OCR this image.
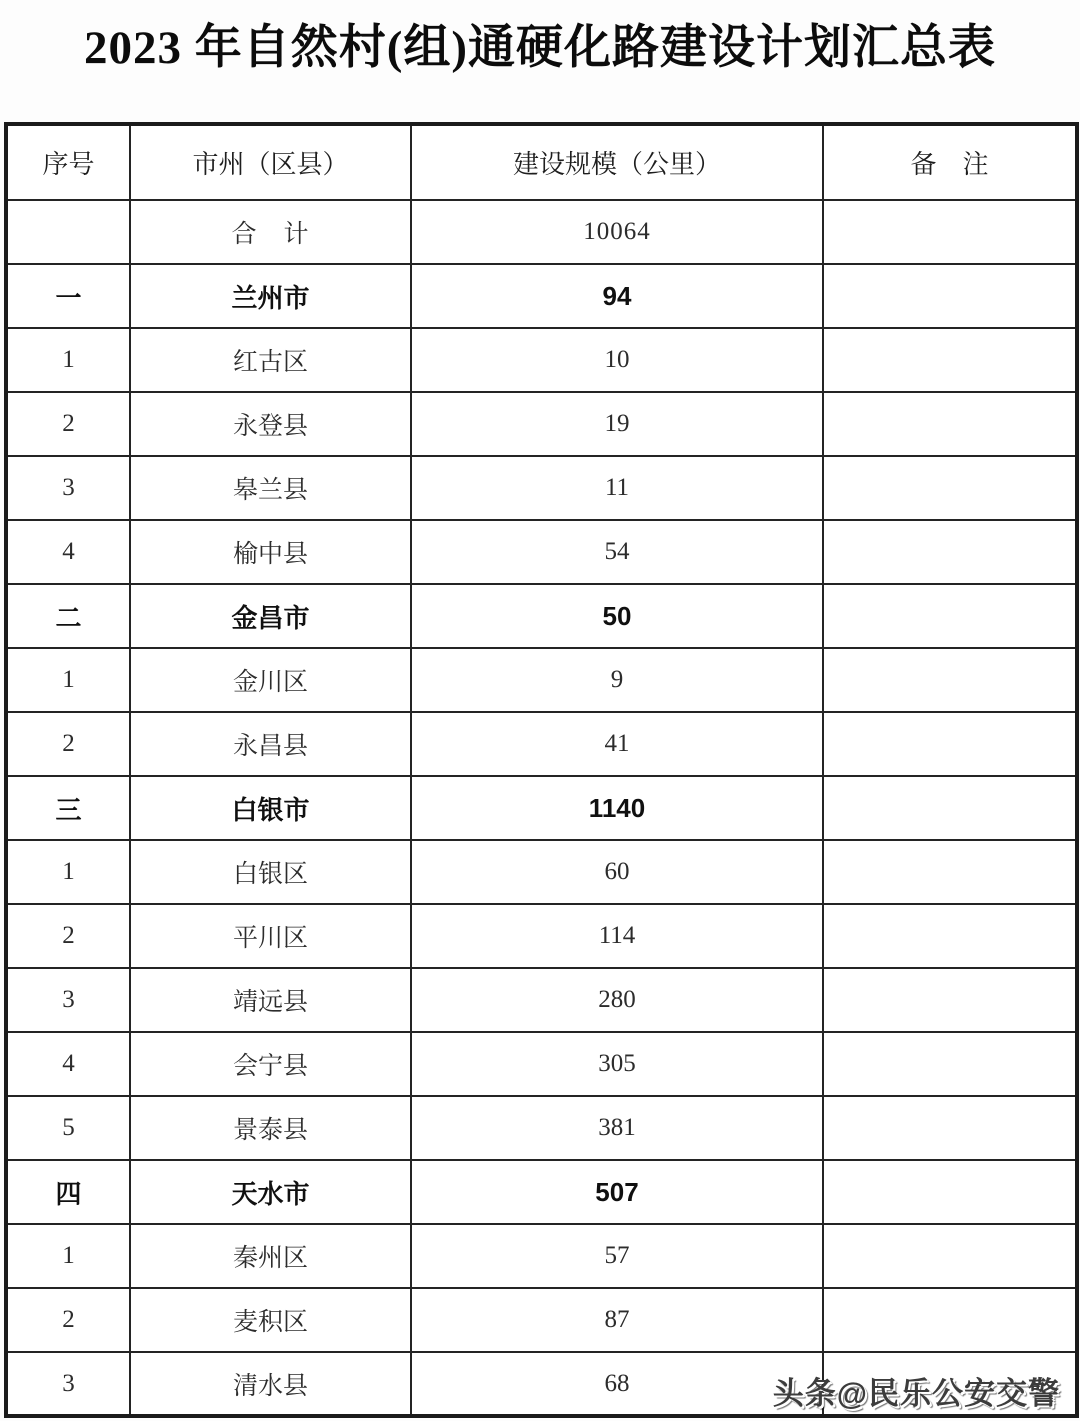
2023 年自然村(组)通硬化路建设计划汇总表
序号	市州（区县）	建设规模（公里）	备　注
	合　计	10064	
一	兰州市	94	
1	红古区	10	
2	永登县	19	
3	皋兰县	11	
4	榆中县	54	
二	金昌市	50	
1	金川区	9	
2	永昌县	41	
三	白银市	1140	
1	白银区	60	
2	平川区	114	
3	靖远县	280	
4	会宁县	305	
5	景泰县	381	
四	天水市	507	
1	秦州区	57	
2	麦积区	87	
3	清水县	68		头条@民乐公安交警
